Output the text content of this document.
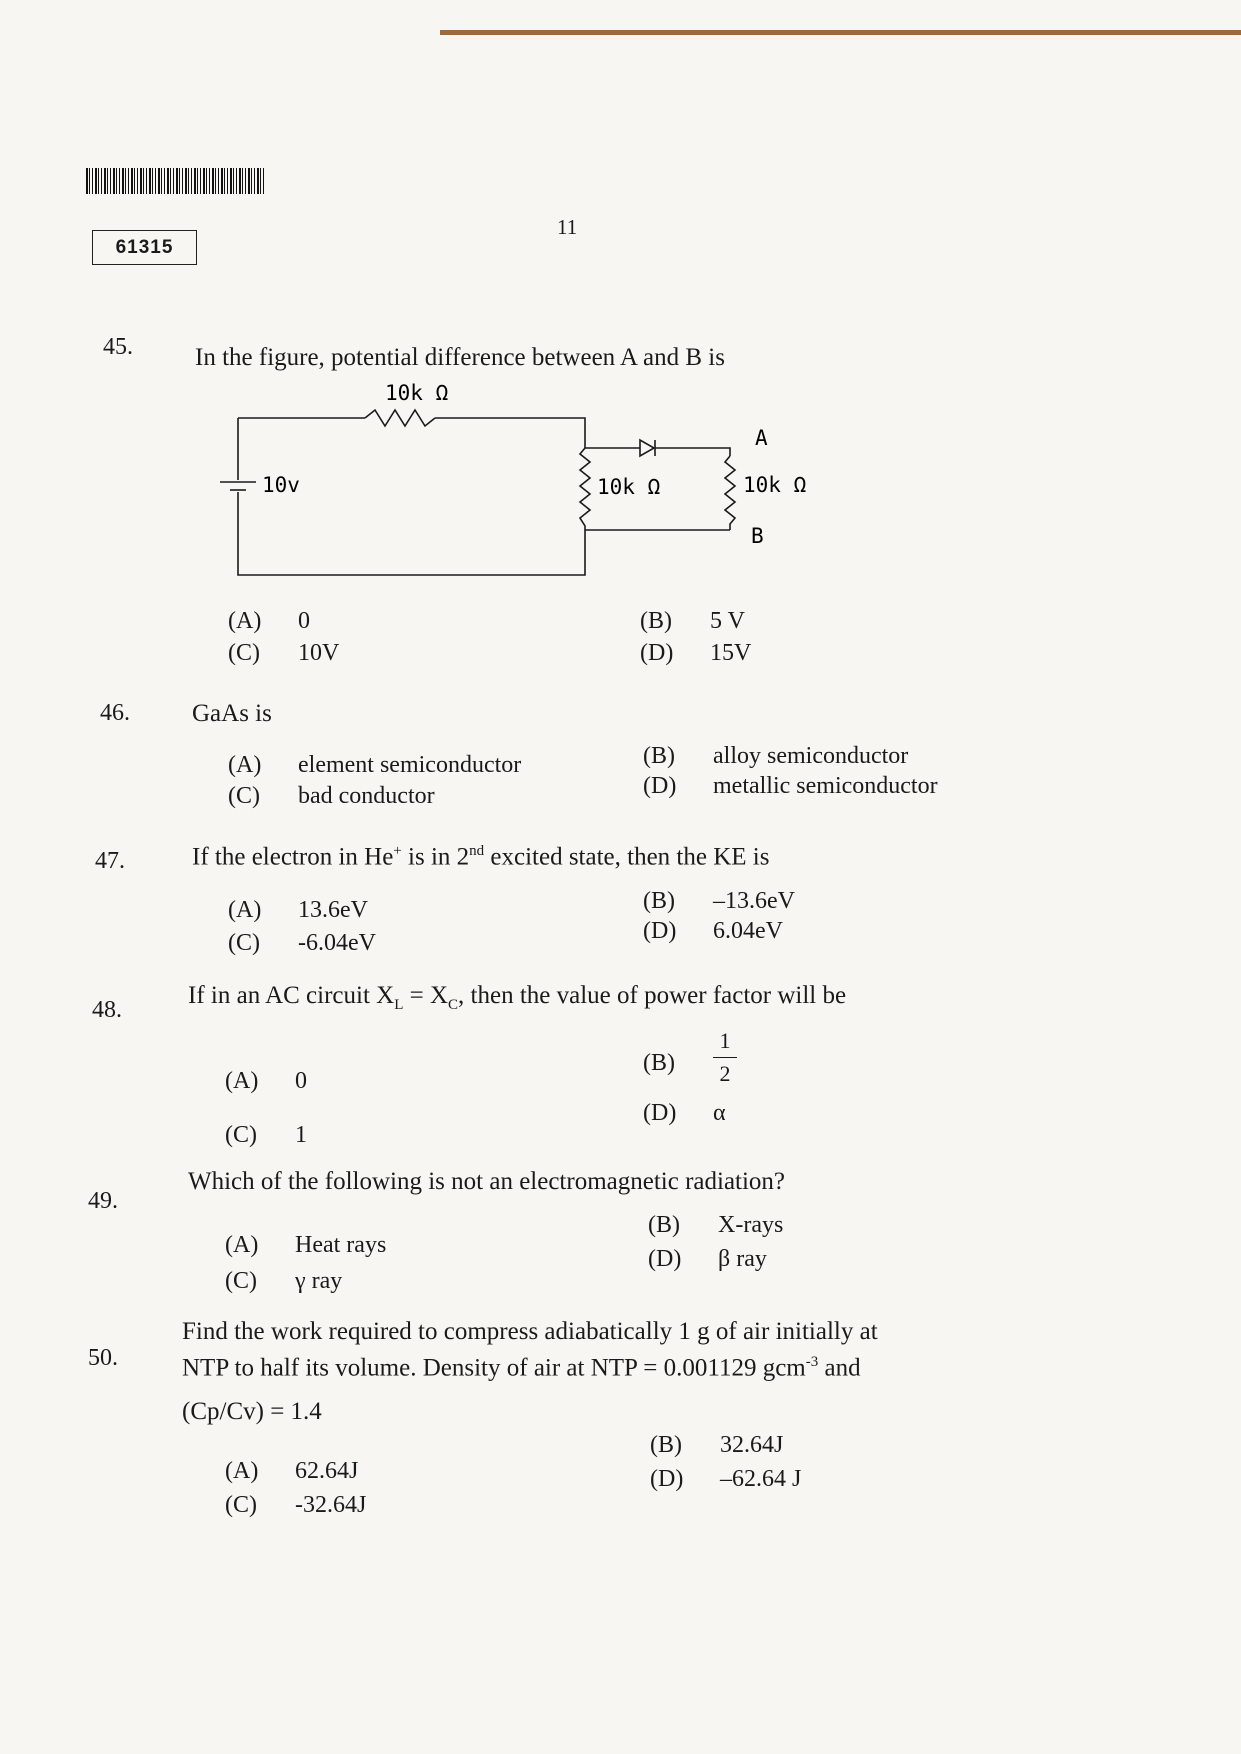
61315
11
45. In the figure, potential difference between A and B is
10k Ω
10v	10k Ω	10k Ω
A
B
(A) 0	(B) 5 V
(C) 10V	(D) 15V
46. GaAs is
(A) element semiconductor	(B) alloy semiconductor
(C) bad conductor	(D) metallic semiconductor
47.	If the electron in He+ is in 2nd excited state, then the KE is
(A) 13.6eV	(B) –13.6eV
(C) -6.04eV	(D) 6.04eV
48.
If in an AC circuit $X_L = X_C$, then the value of power factor will be
(A) 0
(B)
1
2
(C) 1
(D) α
49.
Which of the following is not an electromagnetic radiation?
(A) Heat rays
(B) X-rays
(C) γ ray
(D) β ray
50.
Find the work required to compress adiabatically 1 g of air initially at
NTP to half its volume. Density of air at NTP = 0.001129 gcm$^{-3}$ and
(Cp/Cv) = 1.4
(A) 62.64J
(B) 32.64J
(C) -32.64J
(D) –62.64 J
